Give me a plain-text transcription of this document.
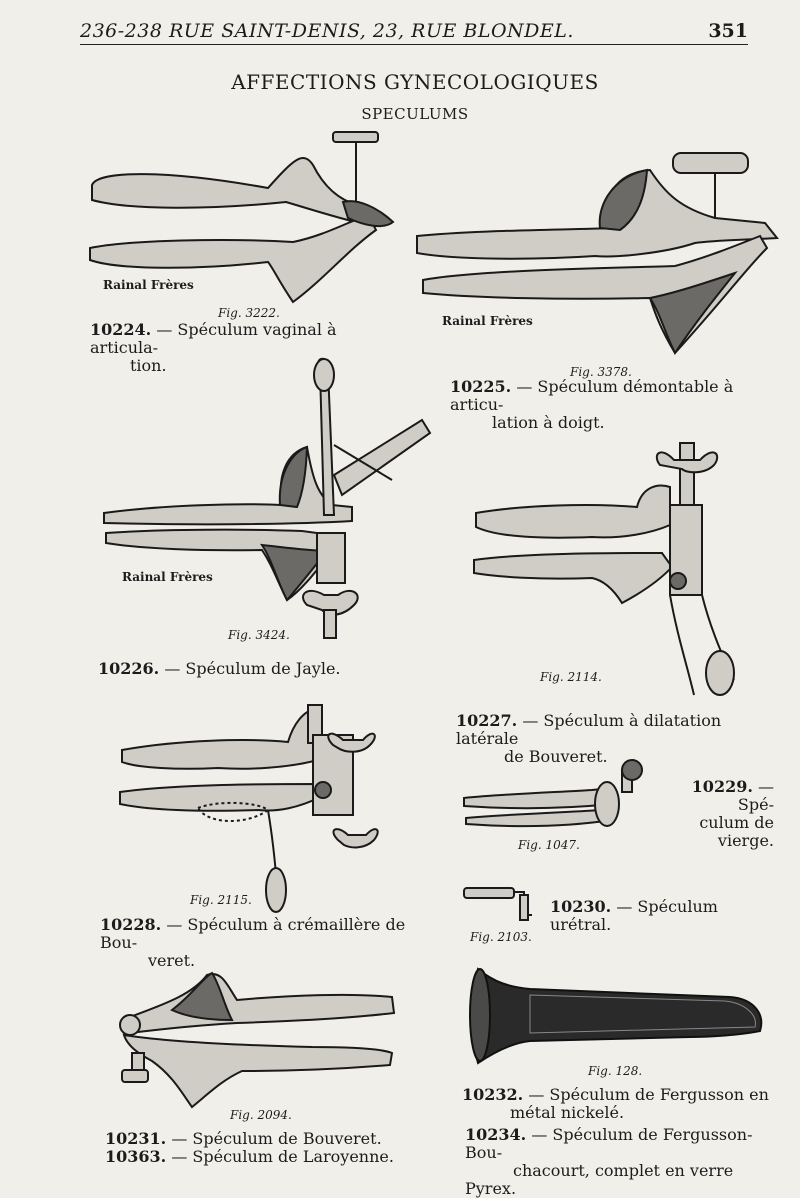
236-238 RUE SAINT-DENIS, 23, RUE BLONDEL.	351
AFFECTIONS GYNECOLOGIQUES
SPECULUMS
Rainal Frères
Fig. 3222.
10224. — Spéculum vaginal à articula-
tion.
Rainal Frères
Fig. 3378.
10225. — Spéculum démontable à articu-
lation à doigt.
Rainal Frères
Fig. 3424.
10226. — Spéculum de Jayle.	Fig. 2114.
10227. — Spéculum à dilatation latérale
de Bouveret.
Fig. 2115.
10228. — Spéculum à crémaillère de Bou-
veret.
Fig. 1047.
10229. — Spé-
culum de
vierge.
Fig. 2103.
10230. — Spéculum urétral.
Fig. 128.
10232. — Spéculum de Fergusson en
métal nickelé.
Fig. 2094.
10231. — Spéculum de Bouveret.
10363. — Spéculum de Laroyenne.
10234. — Spéculum de Fergusson-Bou-
chacourt, complet en verre Pyrex.
